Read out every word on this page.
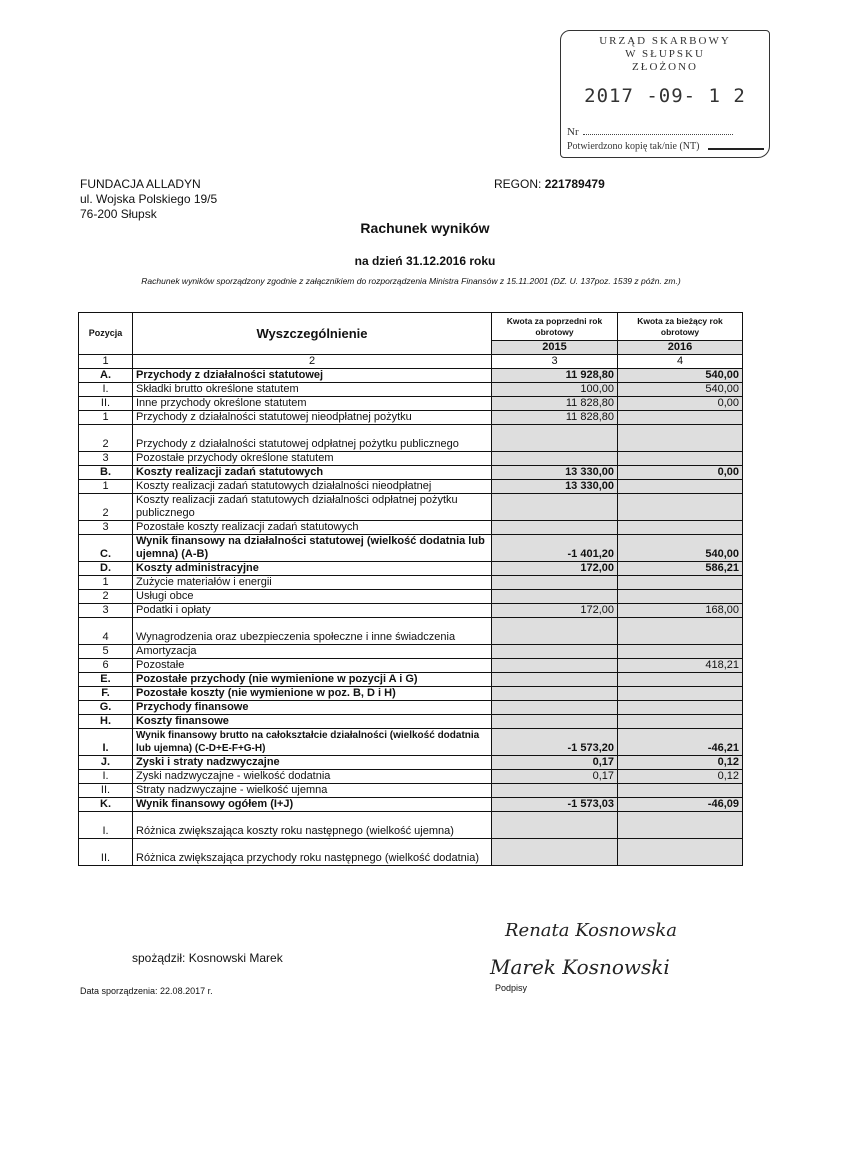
URZĄD SKARBOWY
W SŁUPSKU
ZŁOŻONO
2017 -09- 1 2
Nr
Potwierdzono kopię tak/nie (NT)
FUNDACJA ALLADYN
ul. Wojska Polskiego 19/5
76-200 Słupsk
REGON: 221789479
Rachunek wyników
na dzień 31.12.2016 roku
Rachunek wyników sporządzony zgodnie z załącznikiem do rozporządzenia Ministra Finansów z 15.11.2001 (DZ. U. 137poz. 1539 z późn. zm.)
Pozycja	Wyszczególnienie	Kwota za poprzedni rok obrotowy	Kwota za bieżący rok obrotowy
		2015	2016
1	2	3	4
A.	Przychody z działalności statutowej	11 928,80	540,00
I.	Składki brutto określone statutem	100,00	540,00
II.	Inne przychody określone statutem	11 828,80	0,00
1	Przychody z działalności statutowej nieodpłatnej pożytku	11 828,80	
2	Przychody z działalności statutowej odpłatnej pożytku publicznego		
3	Pozostałe przychody określone statutem		
B.	Koszty realizacji zadań statutowych	13 330,00	0,00
1	Koszty realizacji zadań statutowych działalności nieodpłatnej	13 330,00	
2	Koszty realizacji zadań statutowych działalności odpłatnej pożytku publicznego		
3	Pozostałe koszty realizacji zadań statutowych		
C.	Wynik finansowy na działalności statutowej (wielkość dodatnia lub ujemna) (A-B)	-1 401,20	540,00
D.	Koszty administracyjne	172,00	586,21
1	Zużycie materiałów i energii		
2	Usługi obce		
3	Podatki i opłaty	172,00	168,00
4	Wynagrodzenia oraz ubezpieczenia społeczne i inne świadczenia		
5	Amortyzacja		
6	Pozostałe		418,21
E.	Pozostałe przychody (nie wymienione w pozycji A i G)		
F.	Pozostałe koszty (nie wymienione w poz. B, D i H)		
G.	Przychody finansowe		
H.	Koszty finansowe		
I.	Wynik finansowy brutto na całokształcie działalności (wielkość dodatnia lub ujemna) (C-D+E-F+G-H)	-1 573,20	-46,21
J.	Zyski i straty nadzwyczajne	0,17	0,12
I.	Zyski nadzwyczajne - wielkość dodatnia	0,17	0,12
II.	Straty nadzwyczajne - wielkość ujemna		
K.	Wynik finansowy ogółem (I+J)	-1 573,03	-46,09
I.	Różnica zwiększająca koszty roku następnego (wielkość ujemna)		
II.	Różnica zwiększająca przychody roku następnego (wielkość dodatnia)		
Renata Kosnowska
Marek Kosnowski
spożądził: Kosnowski Marek
Data sporządzenia: 22.08.2017 r.	Podpisy
